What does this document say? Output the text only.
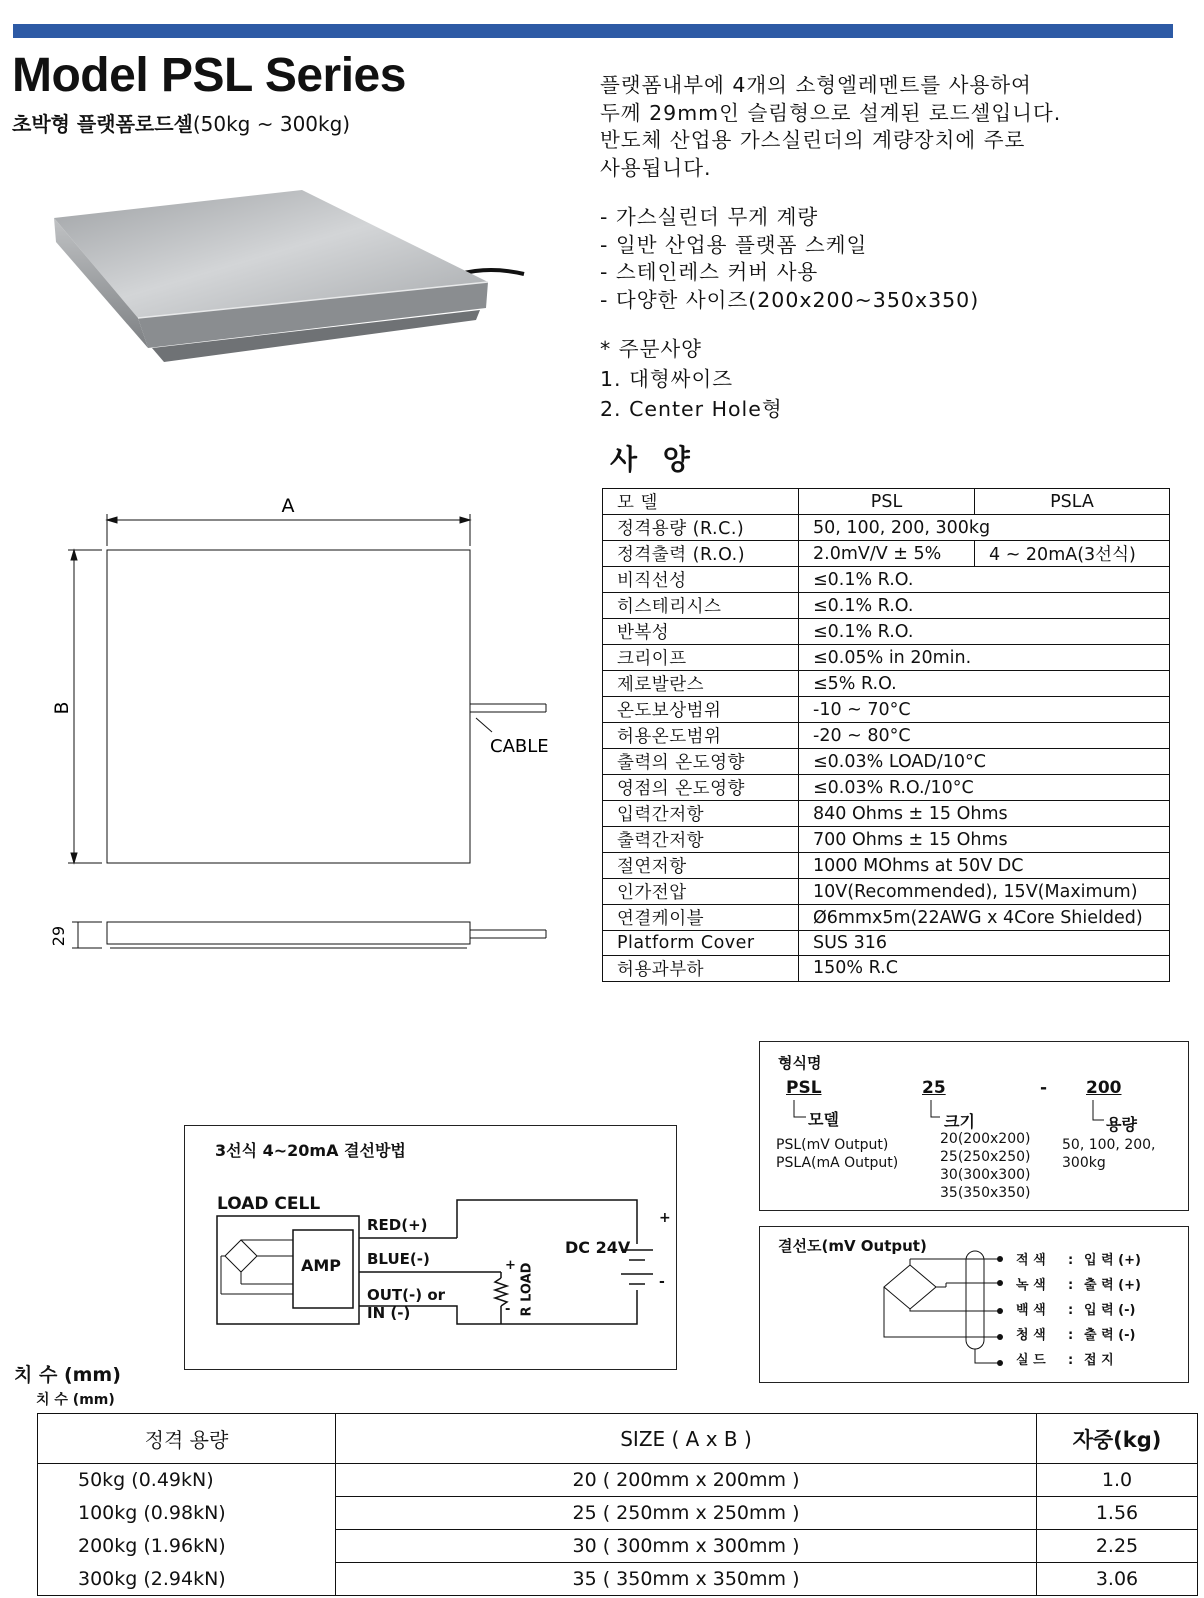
Model PSL Series
초박형 플랫폼로드셀(50kg ~ 300kg)
A
B
CABLE
29
플랫폼내부에 4개의 소형엘레멘트를 사용하여
두께 29mm인 슬림형으로 설계된 로드셀입니다.
반도체 산업용 가스실린더의 계량장치에 주로
사용됩니다.
- 가스실린더 무게 계량
- 일반 산업용 플랫폼 스케일
- 스테인레스 커버 사용
- 다양한 사이즈(200x200~350x350)
* 주문사양
1. 대형싸이즈
2. Center Hole형
사 양
모 델	PSL	PSLA
정격용량 (R.C.)	50, 100, 200, 300kg	
정격출력 (R.O.)	2.0mV/V ± 5%	4 ~ 20mA(3선식)
비직선성	≤0.1% R.O.	
히스테리시스	≤0.1% R.O.	
반복성	≤0.1% R.O.	
크리이프	≤0.05% in 20min.	
제로발란스	≤5% R.O.	
온도보상범위	-10 ~ 70°C	
허용온도범위	-20 ~ 80°C	
출력의 온도영향	≤0.03% LOAD/10°C	
영점의 온도영향	≤0.03% R.O./10°C	
입력간저항	840 Ohms ± 15 Ohms	
출력간저항	700 Ohms ± 15 Ohms	
절연저항	1000 MOhms at 50V DC	
인가전압	10V(Recommended), 15V(Maximum)	
연결케이블	Ø6mmx5m(22AWG x 4Core Shielded)	
Platform Cover	SUS 316	
허용과부하	150% R.C	
형식명
PSL	25	- 200
모델	크기	용량
PSL(mV Output)
PSLA(mA Output)
20(200x200)
25(250x250)
30(300x300)
35(350x350)
50, 100, 200,
300kg
3선식 4~20mA 결선방법
LOAD CELL
AMP
RED(+)
BLUE(-)
OUT(-) or
IN (-)
DC 24V
+
-
+
- R LOAD
결선도(mV Output)
적 색 : 입 력 (+)
녹 색 : 출 력 (+)
백 색 : 입 력 (-)
청 색 : 출 력 (-)
실 드 : 접 지
치 수 (mm)
치 수 (mm)
정격 용량	SIZE ( A x B )	자중(kg)
50kg (0.49kN)	20 ( 200mm x 200mm )	1.0
100kg (0.98kN)	25 ( 250mm x 250mm )	1.56
200kg (1.96kN)	30 ( 300mm x 300mm )	2.25
300kg (2.94kN)	35 ( 350mm x 350mm )	3.06
